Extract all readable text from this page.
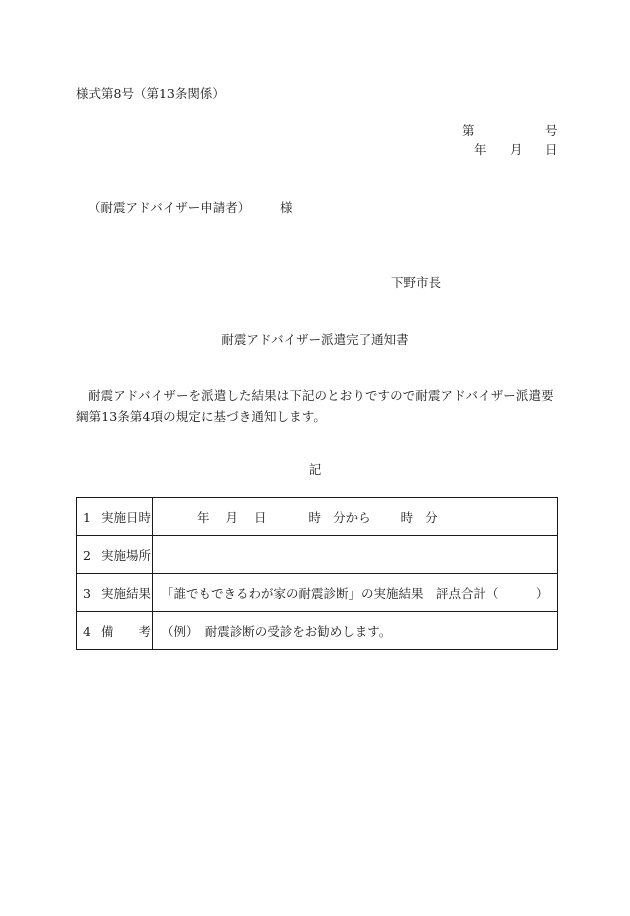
様式第8号（第13条関係）
第	号
年 月 日
（耐震アドバイザー申請者） 様
下野市長
耐震アドバイザー派遣完了通知書
耐震アドバイザーを派遣した結果は下記のとおりですので耐震アドバイザー派遣要綱第13条第4項の規定に基づき通知します。
記
1 実施日時	年 月 日 時 分から 時 分
2 実施場所	
3 実施結果	「誰でもできるわが家の耐震診断」の実施結果　評点合計（　　　）
4 備　　考	（例）　耐震診断の受診をお勧めします。
